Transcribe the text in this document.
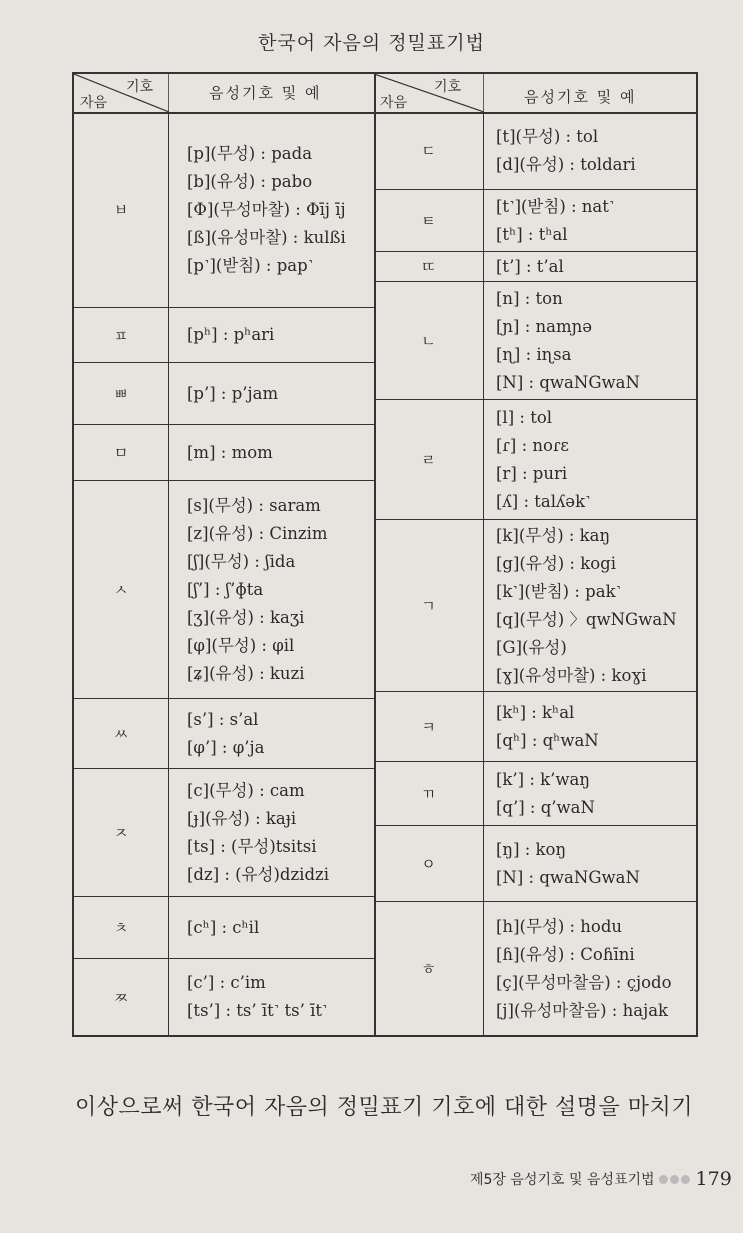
한국어 자음의 정밀표기법
기호
자음
음성기호 및 예
ㅂ
[p](무성) : pada
[b](유성) : pabo
[Φ](무성마찰) : Φīj īj
[ß](유성마찰) : kulßi
[p˺](받침) : pap˺
ㅍ	[pʰ] : pʰari
ㅃ	[p’] : p’jam
ㅁ	[m] : mom
ㅅ
[s](무성) : saram
[z](유성) : Cinzim
[ʃ](무성) : ʃida
[ʃ’] : ʃ’ɸta
[ʒ](유성) : kaʒi
[φ](무성) : φil
[ʑ](유성) : kuzi
ㅆ
[s’] : s’al
[φ’] : φ’ja
ㅈ
[c](무성) : cam
[ɟ](유성) : kaɟi
[ts] : (무성)tsitsi
[dz] : (유성)dzidzi
ㅊ	[cʰ] : cʰil
ㅉ
[c’] : c’im
[ts’] : ts’ īt˺ ts’ īt˺
기호
자음	음성기호 및 예
ㄷ
[t](무성) : tol
[d](유성) : toldari
ㅌ
[t˺](받침) : nat˺
[tʰ] : tʰal
ㄸ	[t’] : t’al
ㄴ
[n] : ton
[ɲ] : namɲə
[ɳ] : iɳsa
[N] : qwaNGwaN
ㄹ
[l] : tol
[ɾ] : noɾɛ
[r] : puri
[ʎ] : talʎək˺
ㄱ
[k](무성) : kaŋ
[g](유성) : kogi
[k˺](받침) : pak˺
[q](무성) 〉qwNGwaN
[G](유성)
[ɣ](유성마찰) : koɣi
ㅋ
[kʰ] : kʰal
[qʰ] : qʰwaN
ㄲ
[k’] : k’waŋ
[q’] : q’waN
ㅇ
[ŋ] : koŋ
[N] : qwaNGwaN
ㅎ
[h](무성) : hodu
[ɦ](유성) : Coɦīni
[ç](무성마찰음) : çjodo
[j](유성마찰음) : hajak
이상으로써 한국어 자음의 정밀표기 기호에 대한 설명을 마치기
제5장 음성기호 및 음성표기법 179
